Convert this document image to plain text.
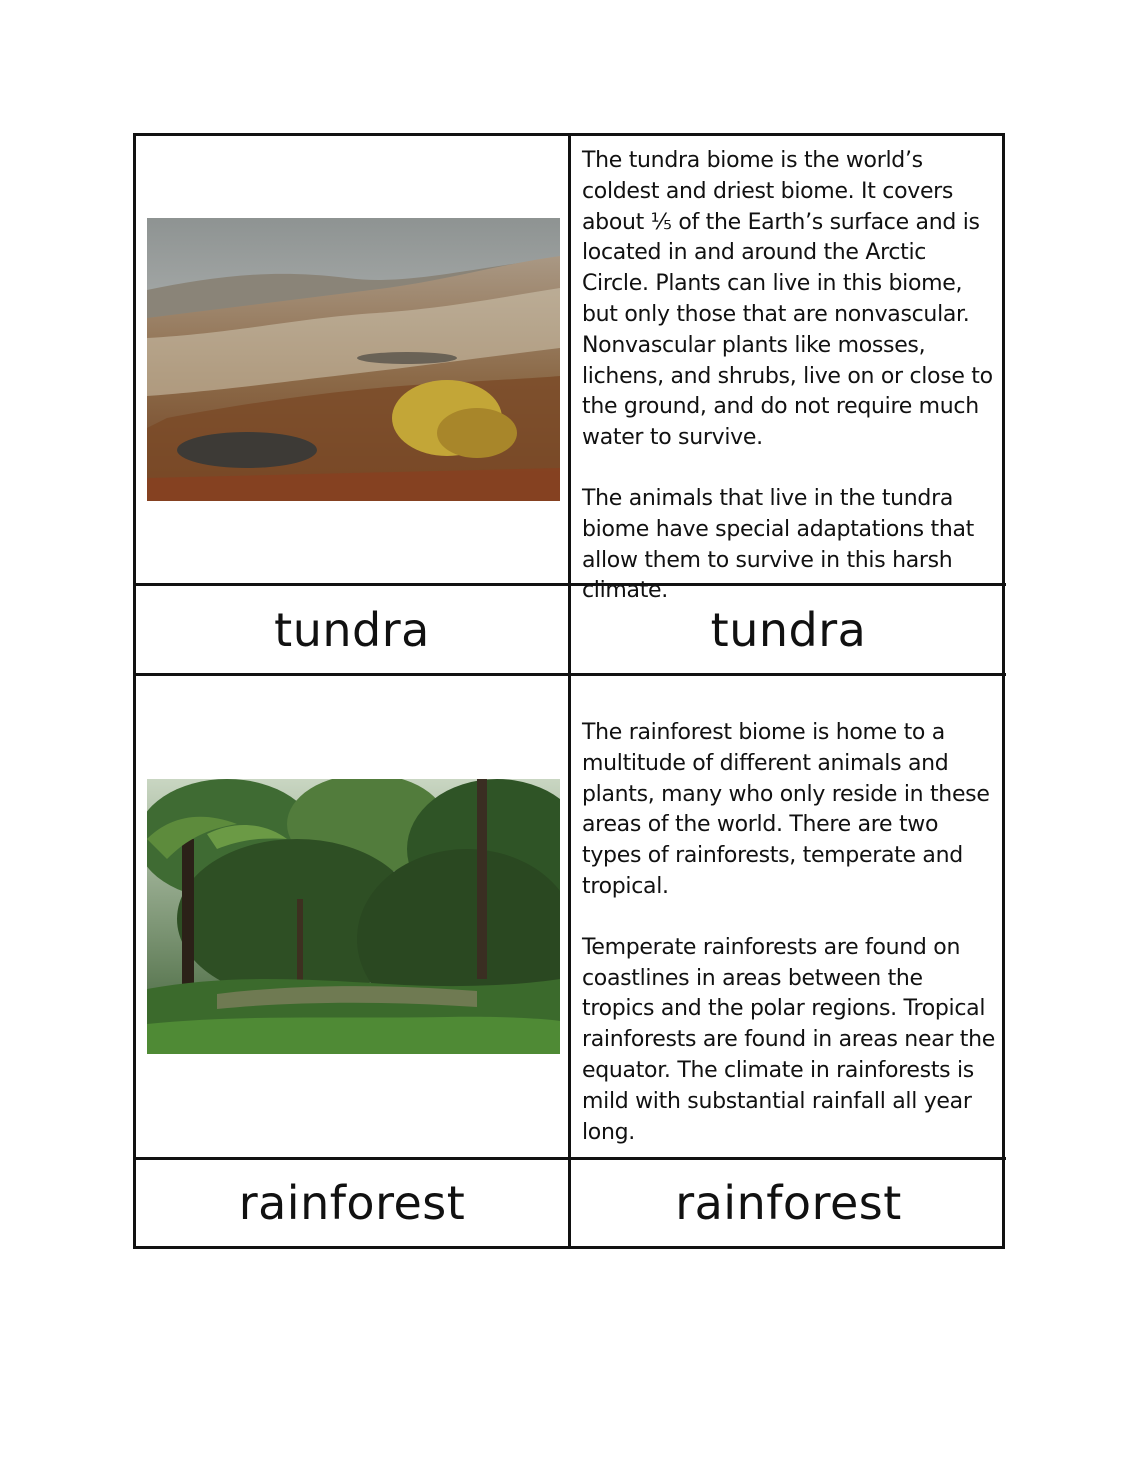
The tundra biome is the world’s coldest and driest biome. It covers about ⅕ of the Earth’s surface and is located in and around the Arctic Circle. Plants can live in this biome, but only those that are nonvascular. Nonvascular plants like mosses, lichens, and shrubs, live on or close to the ground, and do not require much water to survive.

The animals that live in the tundra biome have special adaptations that allow them to survive in this harsh climate.

tundra	tundra

The rainforest biome is home to a multitude of different animals and plants, many who only reside in these areas of the world. There are two types of rainforests, temperate and tropical.

Temperate rainforests are found on coastlines in areas between the tropics and the polar regions. Tropical rainforests are found in areas near the equator. The climate in rainforests is mild with substantial rainfall all year long.

rainforest	rainforest
